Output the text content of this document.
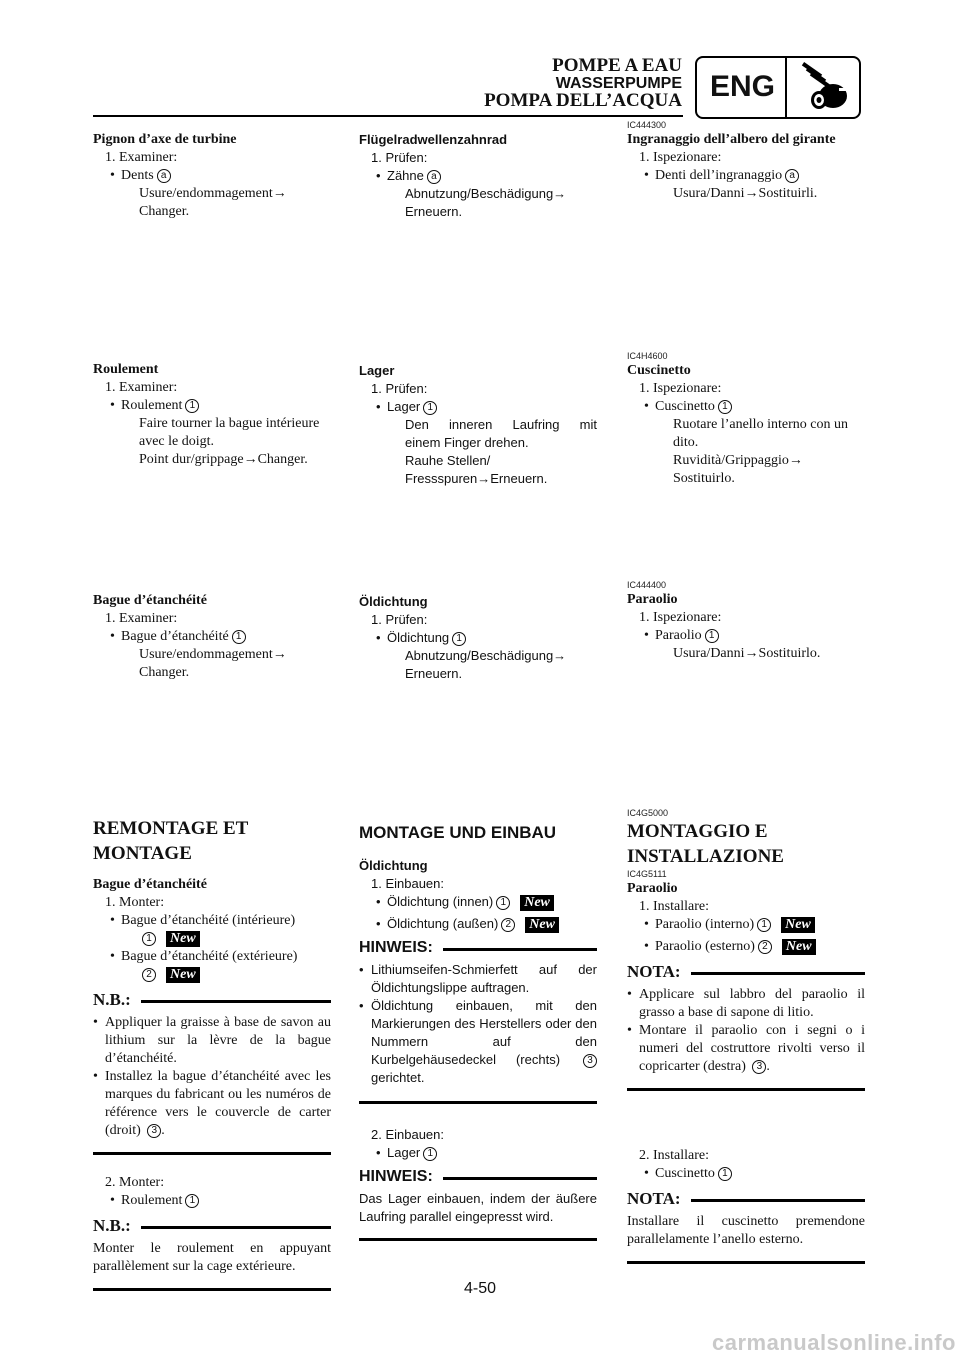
POMPE A EAU
WASSERPUMPE
POMPA DELL’ACQUA ENG
Pignon d’axe de turbine
1. Examiner:
• Dents a
Usure/endommagement→
Changer.
Roulement
1. Examiner:
• Roulement 1
Faire tourner la bague intérieure
avec le doigt.
Point dur/grippage→Changer.
Bague d’étanchéité
1. Examiner:
• Bague d’étanchéité 1
Usure/endommagement→
Changer.
REMONTAGE ET
MONTAGE
Bague d’étanchéité
1. Monter:
• Bague d’étanchéité (intérieure)
1 New
• Bague d’étanchéité (extérieure)
2 New
N.B.:
• Appliquer la graisse à base de savon au lithium sur la lèvre de la bague d’étanchéité.
• Installez la bague d’étanchéité avec les marques du fabricant ou les numéros de référence vers le couvercle de carter (droit) 3 .
2. Monter:
• Roulement 1
N.B.:
Monter le roulement en appuyant parallèlement sur la cage extérieure.
Flügelradwellenzahnrad
1. Prüfen:
• Zähne a
Abnutzung/Beschädigung→
Erneuern.
Lager
1. Prüfen:
• Lager 1
Den inneren Laufring mit
einem Finger drehen.
Rauhe Stellen/
Fressspuren→Erneuern.
Öldichtung
1. Prüfen:
• Öldichtung 1
Abnutzung/Beschädigung→
Erneuern.
MONTAGE UND EINBAU
Öldichtung
1. Einbauen:
• Öldichtung (innen) 1 New
• Öldichtung (außen) 2 New
HINWEIS:
• Lithiumseifen-Schmierfett auf der Öldichtungslippe auftragen.
• Öldichtung einbauen, mit den Markierungen des Herstellers oder den Nummern auf den Kurbelgehäusedeckel (rechts)	3 gerichtet.
2. Einbauen:
• Lager 1
HINWEIS:
Das Lager einbauen, indem der äußere Laufring parallel eingepresst wird.
IC444300
Ingranaggio dell’albero del girante
1. Ispezionare:
• Denti dell’ingranaggio a
Usura/Danni→Sostituirli.
IC4H4600
Cuscinetto
1. Ispezionare:
• Cuscinetto 1
Ruotare l’anello interno con un
dito.
Ruvidità/Grippaggio→
Sostituirlo.
IC444400
Paraolio
1. Ispezionare:
• Paraolio 1
Usura/Danni→Sostituirlo.
IC4G5000
MONTAGGIO E
INSTALLAZIONE
IC4G5111
Paraolio
1. Installare:
• Paraolio (interno) 1 New
• Paraolio (esterno) 2 New
NOTA:
• Applicare sul labbro del paraolio il grasso a base di sapone di litio.
• Montare il paraolio con i segni o i numeri del costruttore rivolti verso il copricarter (destra) 3 .
2. Installare:
• Cuscinetto 1
NOTA:
Installare il cuscinetto premendone parallelamente l’anello esterno.
4-50
carmanualsonline.info
